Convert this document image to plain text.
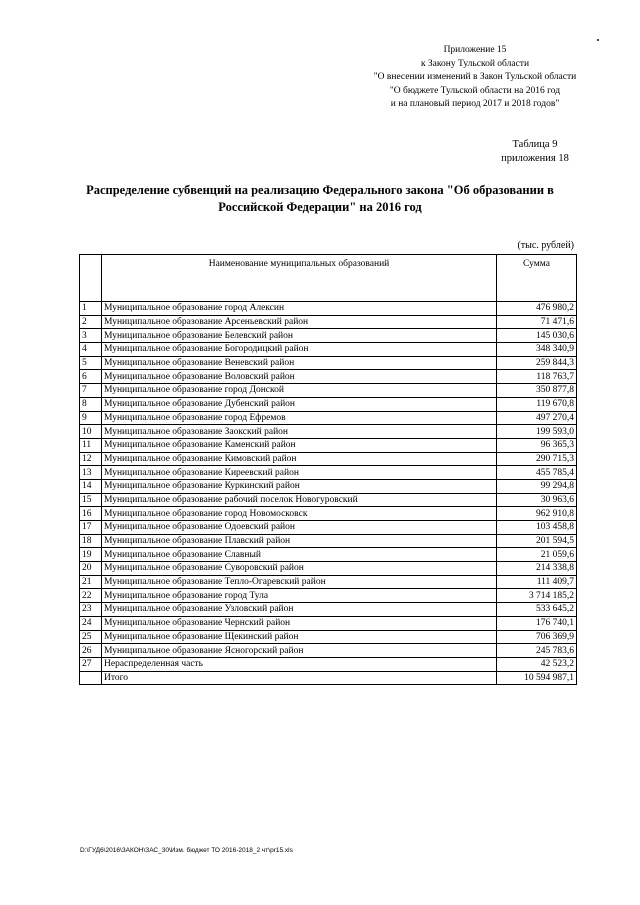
Приложение 15
к Закону Тульской области
"О внесении изменений в Закон Тульской области
"О бюджете Тульской области на 2016 год
и на плановый период 2017 и 2018 годов"
Таблица 9
приложения 18
Распределение субвенций на реализацию Федерального закона "Об образовании в
Российской Федерации" на 2016 год
(тыс. рублей)
	Наименование муниципальных образований	Сумма
1	Муниципальное образование город Алексин	476 980,2
2	Муниципальное образование Арсеньевский район	71 471,6
3	Муниципальное образование Белевский район	145 030,6
4	Муниципальное образование Богородицкий район	348 340,9
5	Муниципальное образование Веневский район	259 844,3
6	Муниципальное образование Воловский район	118 763,7
7	Муниципальное образование город Донской	350 877,8
8	Муниципальное образование Дубенский район	119 670,8
9	Муниципальное образование город Ефремов	497 270,4
10	Муниципальное образование Заокский район	199 593,0
11	Муниципальное образование Каменский район	96 365,3
12	Муниципальное образование Кимовский район	290 715,3
13	Муниципальное образование Киреевский район	455 785,4
14	Муниципальное образование Куркинский район	99 294,8
15	Муниципальное образование рабочий поселок Новогуровский	30 963,6
16	Муниципальное образование город Новомосковск	962 910,8
17	Муниципальное образование Одоевский район	103 458,8
18	Муниципальное образование Плавский район	201 594,5
19	Муниципальное образование Славный	21 059,6
20	Муниципальное образование Суворовский район	214 338,8
21	Муниципальное образование Тепло-Огаревский район	111 409,7
22	Муниципальное образование город Тула	3 714 185,2
23	Муниципальное образование Узловский район	533 645,2
24	Муниципальное образование Чернский район	176 740,1
25	Муниципальное образование Щекинский район	706 369,9
26	Муниципальное образование Ясногорский район	245 783,6
27	Нераспределенная часть	42 523,2
	Итого	10 594 987,1
D:\ГУД6\2016\ЗАКОН\ЗАС_30\Изм. бюджет ТО 2016-2018_2 чт\pr15.xls
